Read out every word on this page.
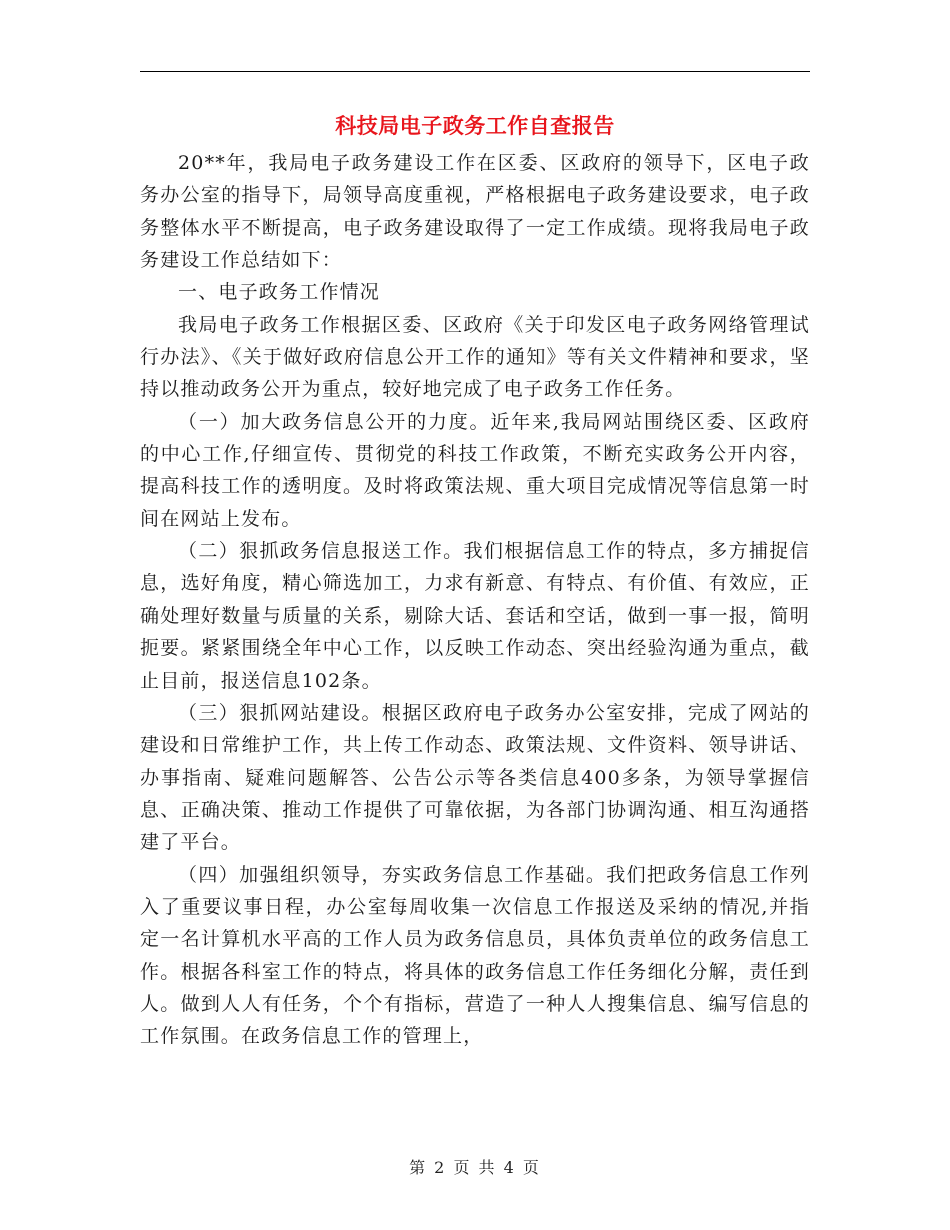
科技局电子政务工作自查报告

20**年，我局电子政务建设工作在区委、区政府的领导下，区电子政务办公室的指导下，局领导高度重视，严格根据电子政务建设要求，电子政务整体水平不断提高，电子政务建设取得了一定工作成绩。现将我局电子政务建设工作总结如下：

一、电子政务工作情况

我局电子政务工作根据区委、区政府《关于印发区电子政务网络管理试行办法》、《关于做好政府信息公开工作的通知》等有关文件精神和要求，坚持以推动政务公开为重点，较好地完成了电子政务工作任务。

（一）加大政务信息公开的力度。近年来,我局网站围绕区委、区政府的中心工作,仔细宣传、贯彻党的科技工作政策，不断充实政务公开内容，提高科技工作的透明度。及时将政策法规、重大项目完成情况等信息第一时间在网站上发布。

（二）狠抓政务信息报送工作。我们根据信息工作的特点，多方捕捉信息，选好角度，精心筛选加工，力求有新意、有特点、有价值、有效应，正确处理好数量与质量的关系，剔除大话、套话和空话，做到一事一报，简明扼要。紧紧围绕全年中心工作，以反映工作动态、突出经验沟通为重点，截止目前，报送信息102条。

（三）狠抓网站建设。根据区政府电子政务办公室安排，完成了网站的建设和日常维护工作，共上传工作动态、政策法规、文件资料、领导讲话、办事指南、疑难问题解答、公告公示等各类信息400多条，为领导掌握信息、正确决策、推动工作提供了可靠依据，为各部门协调沟通、相互沟通搭建了平台。

（四）加强组织领导，夯实政务信息工作基础。我们把政务信息工作列入了重要议事日程，办公室每周收集一次信息工作报送及采纳的情况,并指定一名计算机水平高的工作人员为政务信息员，具体负责单位的政务信息工作。根据各科室工作的特点，将具体的政务信息工作任务细化分解，责任到人。做到人人有任务，个个有指标，营造了一种人人搜集信息、编写信息的工作氛围。在政务信息工作的管理上，

第 2 页 共 4 页
